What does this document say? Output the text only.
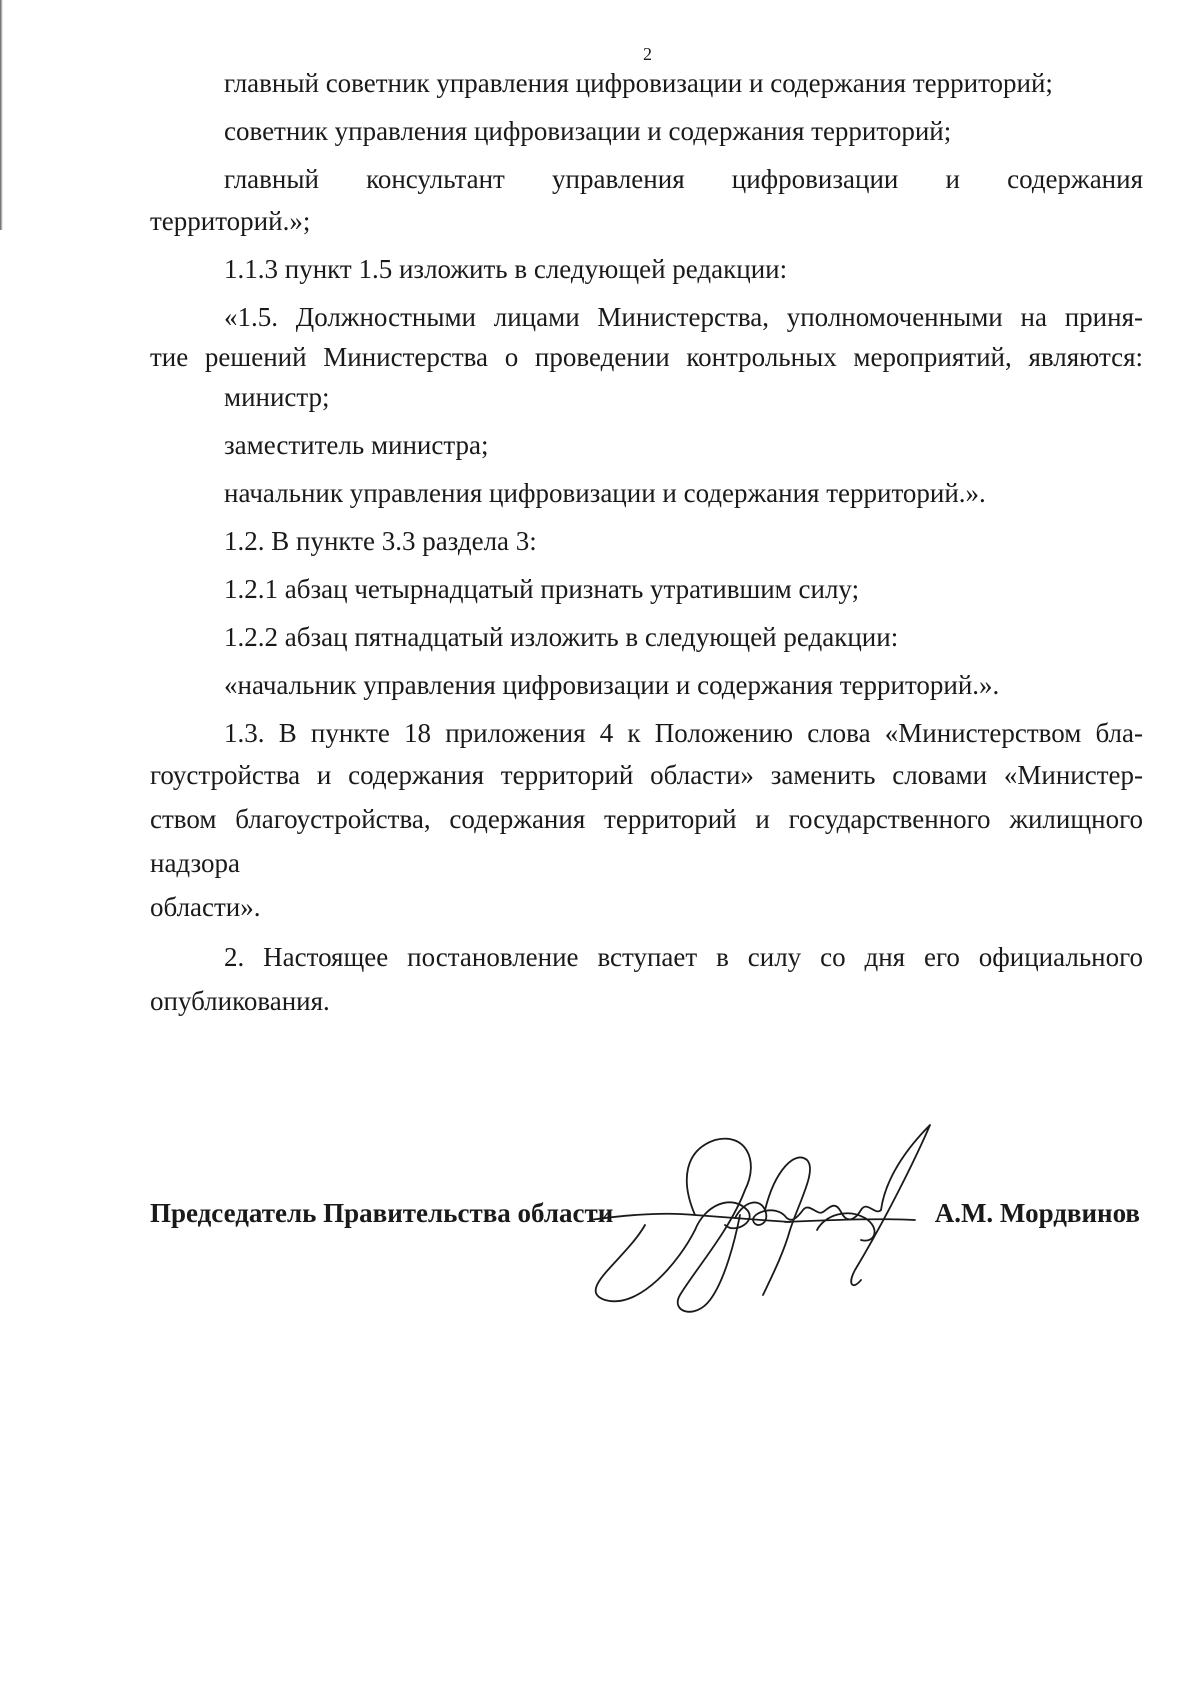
2
главный советник управления цифровизации и содержания территорий;
советник управления цифровизации и содержания территорий;
главный консультант управления цифровизации и содержания
территорий.»;
1.1.3 пункт 1.5 изложить в следующей редакции:
«1.5. Должностными лицами Министерства, уполномоченными на приня-
тие решений Министерства о проведении контрольных мероприятий, являются:
министр;
заместитель министра;
начальник управления цифровизации и содержания территорий.».
1.2. В пункте 3.3 раздела 3:
1.2.1 абзац четырнадцатый признать утратившим силу;
1.2.2 абзац пятнадцатый изложить в следующей редакции:
«начальник управления цифровизации и содержания территорий.».
1.3. В пункте 18 приложения 4 к Положению слова «Министерством бла-
гоустройства и содержания территорий области» заменить словами «Министер-
ством благоустройства, содержания территорий и государственного жилищного
надзора
области».
2. Настоящее постановление вступает в силу со дня его официального
опубликования.
Председатель Правительства области	А.М. Мордвинов
